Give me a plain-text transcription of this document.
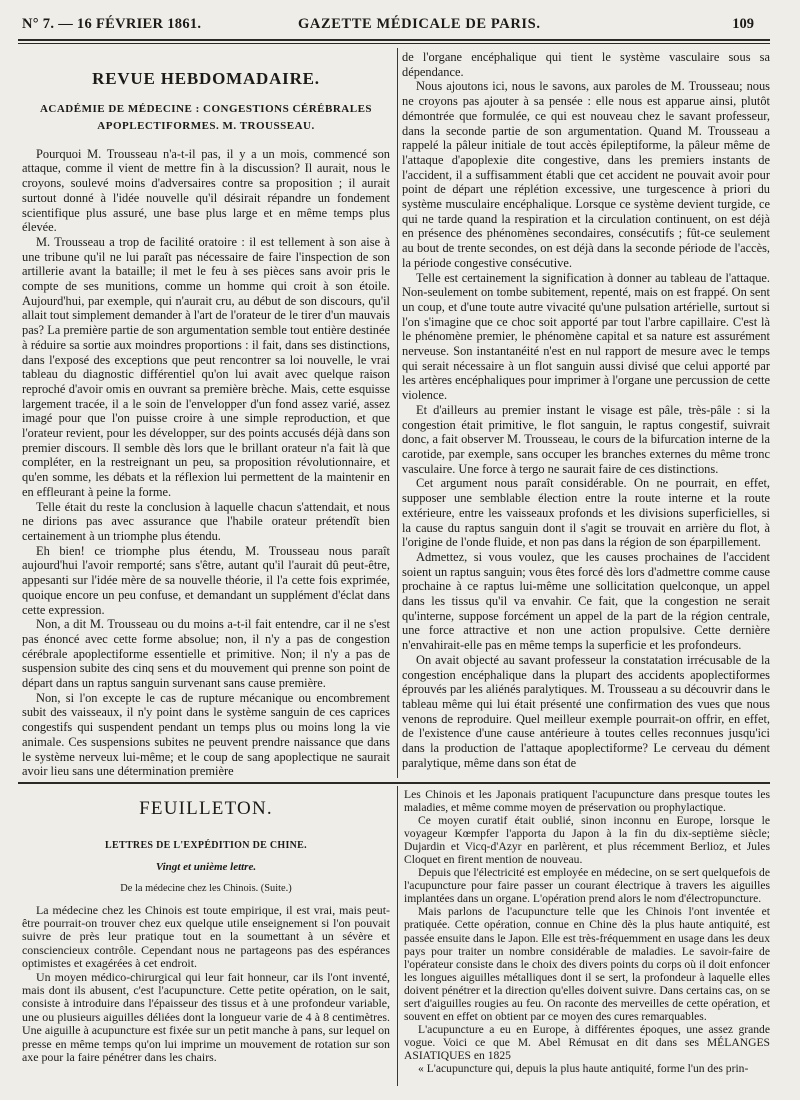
N° 7. — 16 FÉVRIER 1861.	GAZETTE MÉDICALE DE PARIS.	109
REVUE HEBDOMADAIRE.
ACADÉMIE DE MÉDECINE : CONGESTIONS CÉRÉBRALES
APOPLECTIFORMES. M. TROUSSEAU.

Pourquoi M. Trousseau n'a-t-il pas, il y a un mois, commencé son attaque, comme il vient de mettre fin à la discussion? Il aurait, nous le croyons, soulevé moins d'adversaires contre sa proposition ; il aurait surtout donné à l'idée nouvelle qu'il désirait répandre un fondement scientifique plus assuré, une base plus large et en même temps plus élevée.

M. Trousseau a trop de facilité oratoire : il est tellement à son aise à une tribune qu'il ne lui paraît pas nécessaire de faire l'inspection de son artillerie avant la bataille; il met le feu à ses pièces sans avoir pris le compte de ses munitions, comme un homme qui croit à son étoile. Aujourd'hui, par exemple, qui n'aurait cru, au début de son discours, qu'il allait tout simplement demander à l'art de l'orateur de le tirer d'un mauvais pas? La première partie de son argumentation semble tout entière destinée à réduire sa sortie aux moindres proportions : il fait, dans ses distinctions, dans l'exposé des exceptions que peut rencontrer sa loi nouvelle, le vrai tableau du diagnostic différentiel qu'on lui avait avec quelque raison reproché d'avoir omis en ouvrant sa première brèche. Mais, cette esquisse largement tracée, il a le soin de l'envelopper d'un fond assez varié, assez imagé pour que l'on puisse croire à une simple reproduction, et que l'orateur revient, pour les développer, sur des points accusés déjà dans son premier discours. Il semble dès lors que le brillant orateur n'a fait là que compléter, en la restreignant un peu, sa proposition révolutionnaire, et qu'en somme, les débats et la réflexion lui permettent de la maintenir en en effleurant à peine la forme.

Telle était du reste la conclusion à laquelle chacun s'attendait, et nous ne dirions pas avec assurance que l'habile orateur prétendît bien certainement à un triomphe plus étendu.

Eh bien! ce triomphe plus étendu, M. Trousseau nous paraît aujourd'hui l'avoir remporté; sans s'être, autant qu'il l'aurait dû peut-être, appesanti sur l'idée mère de sa nouvelle théorie, il l'a cette fois exprimée, quoique encore un peu confuse, et demandant un supplément d'éclat dans cette expression.

Non, a dit M. Trousseau ou du moins a-t-il fait entendre, car il ne s'est pas énoncé avec cette forme absolue; non, il n'y a pas de congestion cérébrale apoplectiforme essentielle et primitive. Non; il n'y a pas de suspension subite des cinq sens et du mouvement qui prenne son point de départ dans un raptus sanguin survenant sans cause première.

Non, si l'on excepte le cas de rupture mécanique ou encombrement subit des vaisseaux, il n'y point dans le système sanguin de ces caprices congestifs qui suspendent pendant un temps plus ou moins long la vie animale. Ces suspensions subites ne peuvent prendre naissance que dans le système nerveux lui-même; et le coup de sang apoplectique ne saurait avoir lieu sans une détermination première

de l'organe encéphalique qui tient le système vasculaire sous sa dépendance.

Nous ajoutons ici, nous le savons, aux paroles de M. Trousseau; nous ne croyons pas ajouter à sa pensée : elle nous est apparue ainsi, plutôt démontrée que formulée, ce qui est nouveau chez le savant professeur, dans la seconde partie de son argumentation. Quand M. Trousseau a rappelé la pâleur initiale de tout accès épileptiforme, la pâleur même de l'attaque d'apoplexie dite congestive, dans les premiers instants de l'accident, il a suffisamment établi que cet accident ne pouvait avoir pour point de départ une réplétion excessive, une turgescence à priori du système musculaire encéphalique. Lorsque ce système devient turgide, ce qui ne tarde quand la respiration et la circulation continuent, on est déjà en présence des phénomènes secondaires, consécutifs ; fût-ce seulement au bout de trente secondes, on est déjà dans la seconde période de l'accès, la période congestive consécutive.

Telle est certainement la signification à donner au tableau de l'attaque. Non-seulement on tombe subitement, repenté, mais on est frappé. On sent un coup, et d'une toute autre vivacité qu'une pulsation artérielle, surtout si l'on s'imagine que ce choc soit apporté par tout l'arbre capillaire. C'est là le phénomène premier, le phénomène capital et sa nature est assurément nerveuse. Son instantanéité n'est en nul rapport de mesure avec le temps qui serait nécessaire à un flot sanguin aussi divisé que celui apporté par les artères encéphaliques pour imprimer à l'organe une percussion de cette violence.

Et d'ailleurs au premier instant le visage est pâle, très-pâle : si la congestion était primitive, le flot sanguin, le raptus congestif, suivrait donc, a fait observer M. Trousseau, le cours de la bifurcation interne de la carotide, par exemple, sans occuper les branches externes du même tronc vasculaire. Une force à tergo ne saurait faire de ces distinctions.

Cet argument nous paraît considérable. On ne pourrait, en effet, supposer une semblable élection entre la route interne et la route extérieure, entre les vaisseaux profonds et les divisions superficielles, si la cause du raptus sanguin dont il s'agit se trouvait en arrière du flot, à l'origine de l'onde fluide, et non pas dans la région de son éparpillement.

Admettez, si vous voulez, que les causes prochaines de l'accident soient un raptus sanguin; vous êtes forcé dès lors d'admettre comme cause prochaine à ce raptus lui-même une sollicitation quelconque, un appel dans les tissus qu'il va envahir. Ce fait, que la congestion ne serait qu'interne, suppose forcément un appel de la part de la région centrale, une force attractive et non une action propulsive. Cette dernière n'envahirait-elle pas en même temps la superficie et les profondeurs.

On avait objecté au savant professeur la constatation irrécusable de la congestion encéphalique dans la plupart des accidents apoplectiformes éprouvés par les aliénés paralytiques. M. Trousseau a su découvrir dans le tableau même qui lui était présenté une confirmation des vues que nous venons de reproduire. Quel meilleur exemple pourrait-on offrir, en effet, de l'existence d'une cause antérieure à toutes celles reconnues jusqu'ici dans la production de l'attaque apoplectiforme? Le cerveau du dément paralytique, même dans son état de

FEUILLETON.
LETTRES DE L'EXPÉDITION DE CHINE.
Vingt et unième lettre.
De la médecine chez les Chinois. (Suite.)

La médecine chez les Chinois est toute empirique, il est vrai, mais peut-être pourrait-on trouver chez eux quelque utile enseignement si l'on pouvait suivre de près leur pratique tout en la soumettant à un sévère et consciencieux contrôle. Cependant nous ne partageons pas des espérances optimistes et exagérées à cet endroit.

Un moyen médico-chirurgical qui leur fait honneur, car ils l'ont inventé, mais dont ils abusent, c'est l'acupuncture. Cette petite opération, on le sait, consiste à introduire dans l'épaisseur des tissus et à une profondeur variable, une ou plusieurs aiguilles déliées dont la longueur varie de 4 à 8 centimètres. Une aiguille à acupuncture est fixée sur un petit manche à pans, sur lequel on presse en même temps qu'on lui imprime un mouvement de rotation sur son axe pour la faire pénétrer dans les chairs.

Les Chinois et les Japonais pratiquent l'acupuncture dans presque toutes les maladies, et même comme moyen de préservation ou prophylactique.

Ce moyen curatif était oublié, sinon inconnu en Europe, lorsque le voyageur Kœmpfer l'apporta du Japon à la fin du dix-septième siècle; Dujardin et Vicq-d'Azyr en parlèrent, et plus récemment Berlioz, et Jules Cloquet en firent mention de nouveau.

Depuis que l'électricité est employée en médecine, on se sert quelquefois de l'acupuncture pour faire passer un courant électrique à travers les aiguilles implantées dans un organe. L'opération prend alors le nom d'électropuncture.

Mais parlons de l'acupuncture telle que les Chinois l'ont inventée et pratiquée. Cette opération, connue en Chine dès la plus haute antiquité, est passée ensuite dans le Japon. Elle est très-fréquemment en usage dans les deux pays pour traiter un nombre considérable de maladies. Le savoir-faire de l'opérateur consiste dans le choix des divers points du corps où il doit enfoncer les longues aiguilles métalliques dont il se sert, la profondeur à laquelle elles doivent pénétrer et la direction qu'elles doivent suivre. Dans certains cas, on se sert d'aiguilles rougies au feu. On raconte des merveilles de cette opération, et souvent en effet on obtient par ce moyen des cures remarquables.

L'acupuncture a eu en Europe, à différentes époques, une assez grande vogue. Voici ce que M. Abel Rémusat en dit dans ses MÉLANGES ASIATIQUES en 1825

« L'acupuncture qui, depuis la plus haute antiquité, forme l'un des prin-
